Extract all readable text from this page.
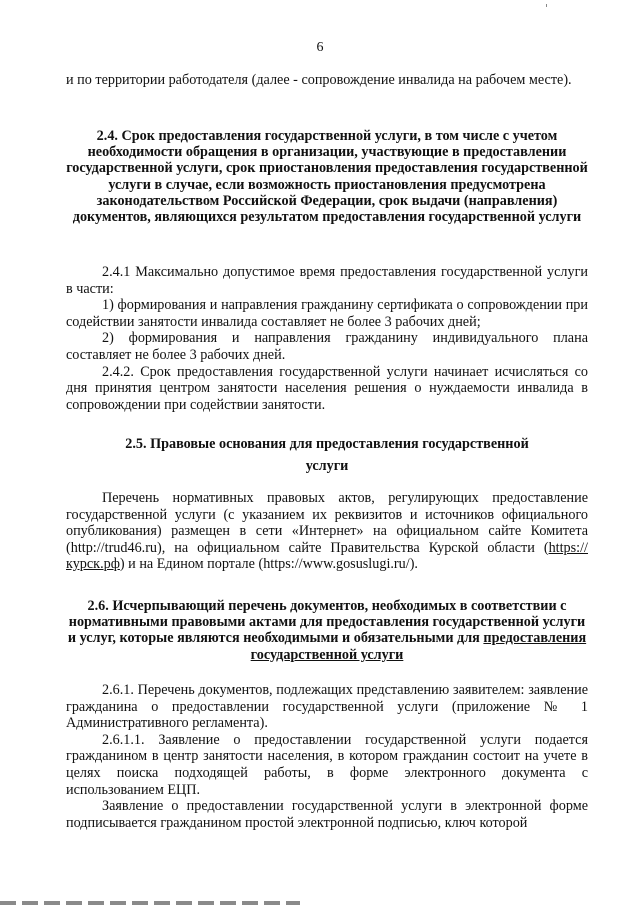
6

и по территории работодателя (далее - сопровождение инвалида на рабочем месте).

2.4. Срок предоставления государственной услуги, в том числе с учетом необходимости обращения в организации, участвующие в предоставлении государственной услуги, срок приостановления предоставления государственной услуги в случае, если возможность приостановления предусмотрена законодательством Российской Федерации, срок выдачи (направления) документов, являющихся результатом предоставления государственной услуги

2.4.1 Максимально допустимое время предоставления государственной услуги в части:

1) формирования и направления гражданину сертификата о сопровождении при содействии занятости инвалида составляет не более 3 рабочих дней;

2) формирования и направления гражданину индивидуального плана составляет не более 3 рабочих дней.

2.4.2. Срок предоставления государственной услуги начинает исчисляться со дня принятия центром занятости населения решения о нуждаемости инвалида в сопровождении при содействии занятости.

2.5. Правовые основания для предоставления государственной

услуги

Перечень нормативных правовых актов, регулирующих предоставление государственной услуги (с указанием их реквизитов и источников официального опубликования) размещен в сети «Интернет» на официальном сайте Комитета (http://trud46.ru), на официальном сайте Правительства Курской области (https://курск.рф) и на Едином портале (https://www.gosuslugi.ru/).

2.6. Исчерпывающий перечень документов, необходимых в соответствии с нормативными правовыми актами для предоставления государственной услуги и услуг, которые являются необходимыми и обязательными для предоставления государственной услуги

2.6.1. Перечень документов, подлежащих представлению заявителем: заявление гражданина о предоставлении государственной услуги (приложение № 1 Административного регламента).

2.6.1.1. Заявление о предоставлении государственной услуги подается гражданином в центр занятости населения, в котором гражданин состоит на учете в целях поиска подходящей работы, в форме электронного документа с использованием ЕЦП.

Заявление о предоставлении государственной услуги в электронной форме подписывается гражданином простой электронной подписью, ключ которой
